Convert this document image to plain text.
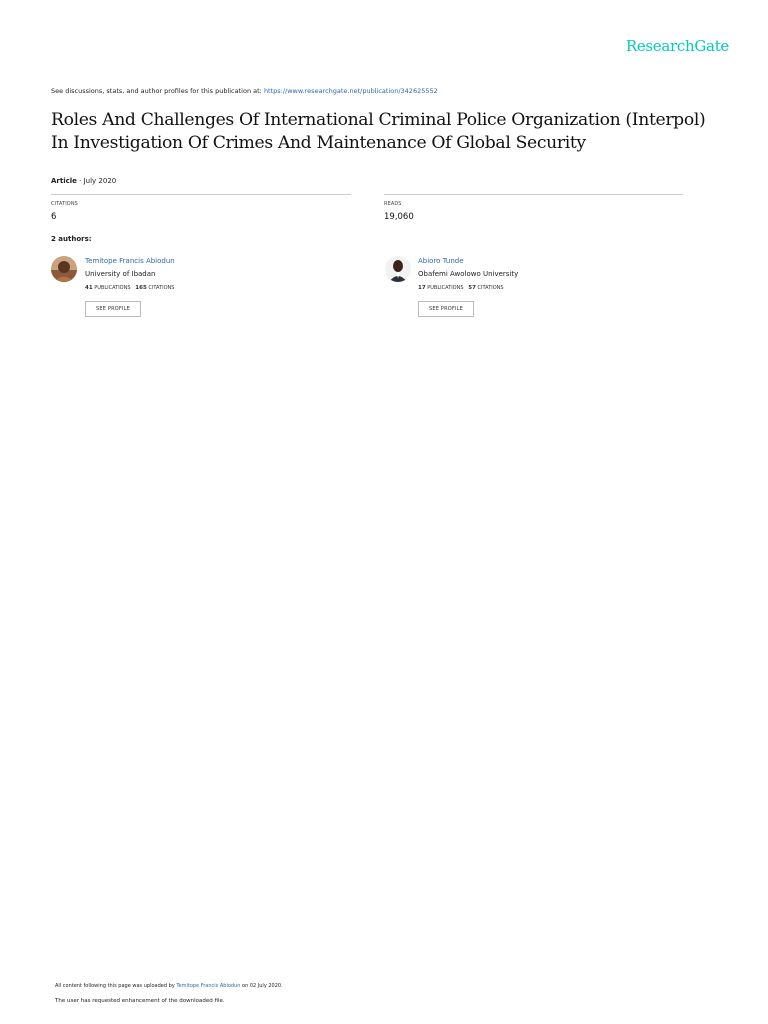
ResearchGate
See discussions, stats, and author profiles for this publication at: https://www.researchgate.net/publication/342625552
Roles And Challenges Of International Criminal Police Organization (Interpol)
In Investigation Of Crimes And Maintenance Of Global Security
Article · July 2020
CITATIONS
6
READS
19,060
2 authors:
Temitope Francis Abiodun
University of Ibadan
41 PUBLICATIONS 165 CITATIONS
SEE PROFILE
Abioro Tunde
Obafemi Awolowo University
17 PUBLICATIONS 57 CITATIONS
SEE PROFILE
All content following this page was uploaded by Temitope Francis Abiodun on 02 July 2020.
The user has requested enhancement of the downloaded file.
